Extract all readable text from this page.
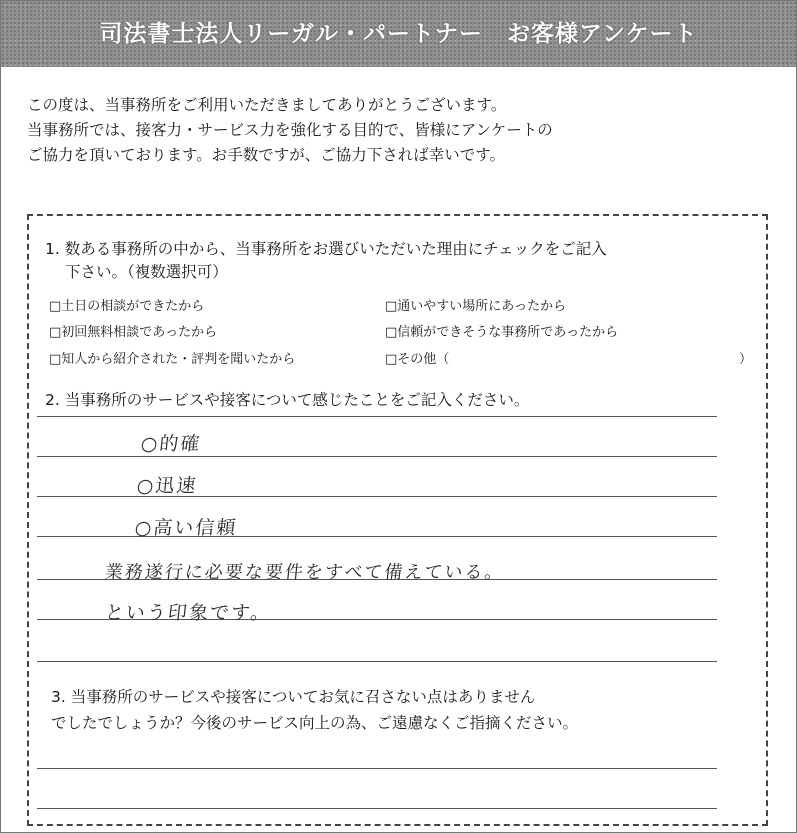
司法書士法人リーガル・パートナー　お客様アンケート
この度は、当事務所をご利用いただきましてありがとうございます。
当事務所では、接客力・サービス力を強化する目的で、皆様にアンケートの
ご協力を頂いております。お手数ですが、ご協力下されば幸いです。
1. 数ある事務所の中から、当事務所をお選びいただいた理由にチェックをご記入
下さい。（複数選択可）
□土日の相談ができたから	□通いやすい場所にあったから
□初回無料相談であったから	□信頼ができそうな事務所であったから
□知人から紹介された・評判を聞いたから	□その他（	）
2. 当事務所のサービスや接客について感じたことをご記入ください。
○的確
○迅速
○高い信頼
業務遂行に必要な要件をすべて備えている。
という印象です。
3. 当事務所のサービスや接客についてお気に召さない点はありません
でしたでしょうか？今後のサービス向上の為、ご遠慮なくご指摘ください。
